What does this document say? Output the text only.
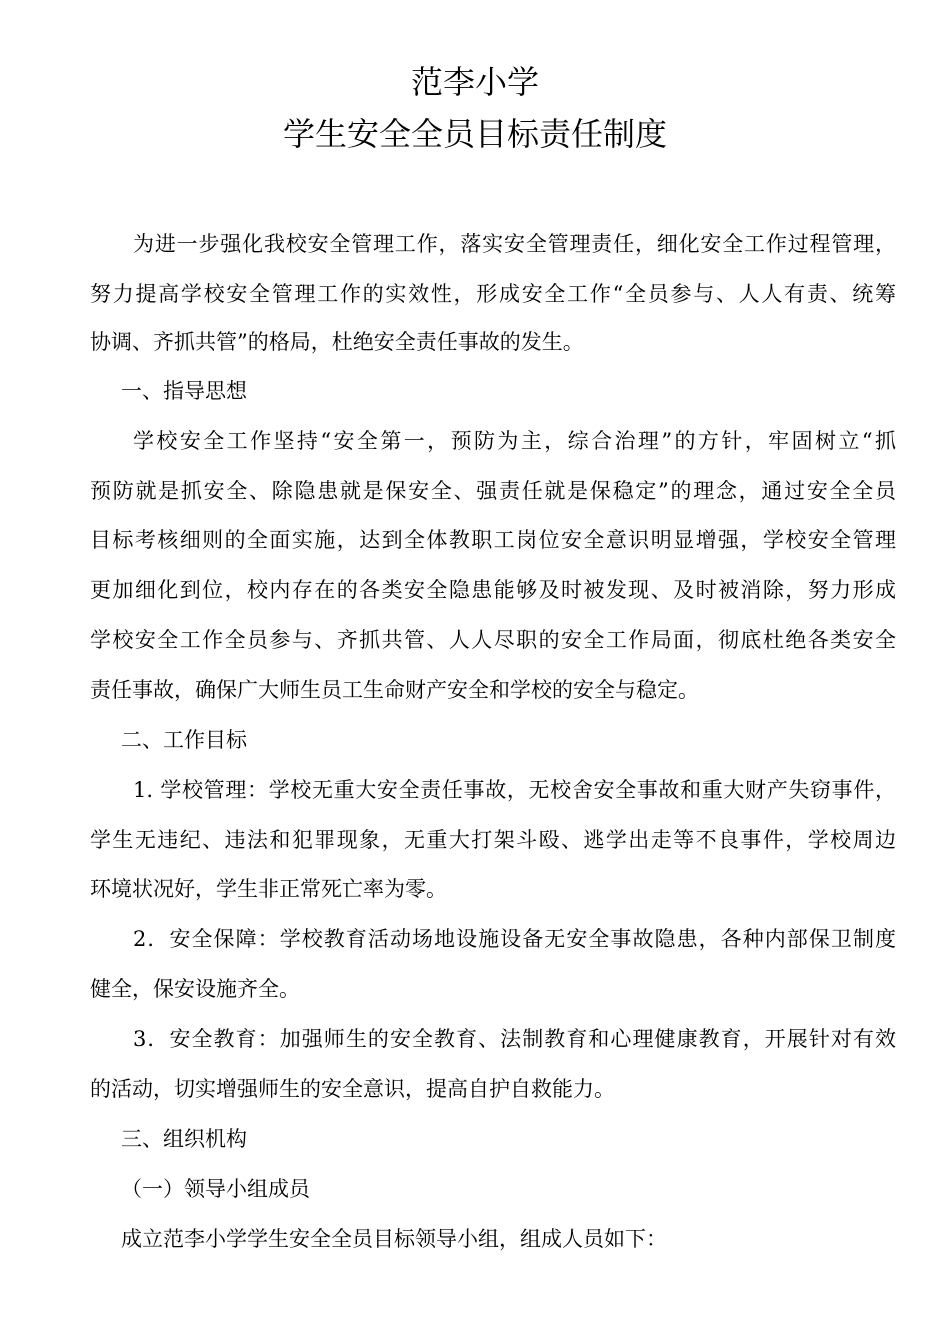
范李小学
学生安全全员目标责任制度
为进一步强化我校安全管理工作，落实安全管理责任，细化安全工作过程管理，
努力提高学校安全管理工作的实效性，形成安全工作“全员参与、人人有责、统筹
协调、齐抓共管”的格局，杜绝安全责任事故的发生。
一、指导思想
学校安全工作坚持“安全第一，预防为主，综合治理”的方针，牢固树立“抓
预防就是抓安全、除隐患就是保安全、强责任就是保稳定”的理念，通过安全全员
目标考核细则的全面实施，达到全体教职工岗位安全意识明显增强，学校安全管理
更加细化到位，校内存在的各类安全隐患能够及时被发现、及时被消除，努力形成
学校安全工作全员参与、齐抓共管、人人尽职的安全工作局面，彻底杜绝各类安全
责任事故，确保广大师生员工生命财产安全和学校的安全与稳定。
二、工作目标
1. 学校管理：学校无重大安全责任事故，无校舍安全事故和重大财产失窃事件，
学生无违纪、违法和犯罪现象，无重大打架斗殴、逃学出走等不良事件，学校周边
环境状况好，学生非正常死亡率为零。
2．安全保障：学校教育活动场地设施设备无安全事故隐患，各种内部保卫制度
健全，保安设施齐全。
3．安全教育：加强师生的安全教育、法制教育和心理健康教育，开展针对有效
的活动，切实增强师生的安全意识，提高自护自救能力。
三、组织机构
（一）领导小组成员
成立范李小学学生安全全员目标领导小组，组成人员如下：
